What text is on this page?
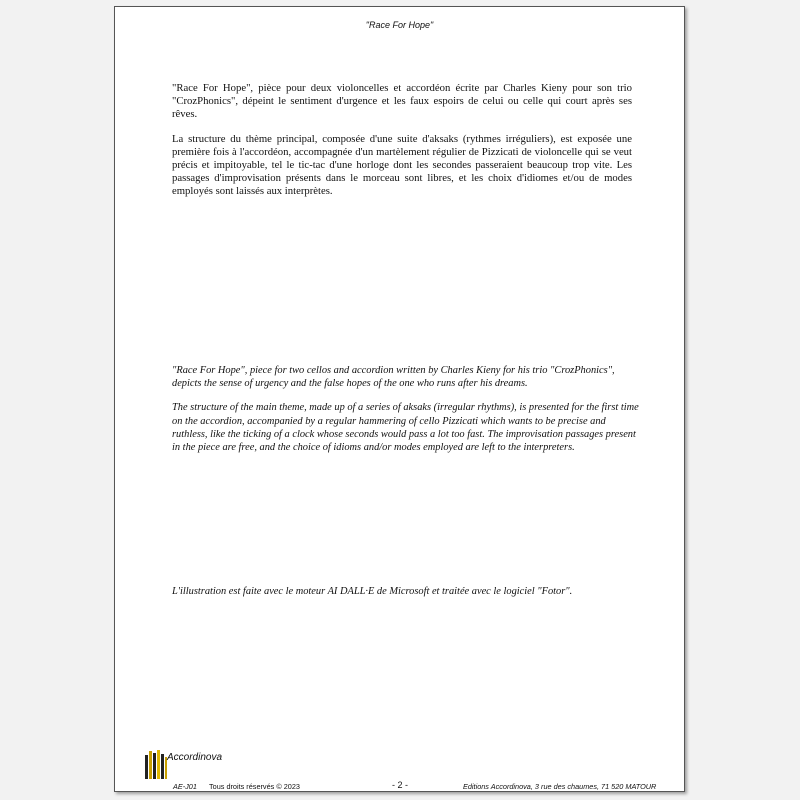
"Race For Hope"

"Race For Hope", pièce pour deux violoncelles et accordéon écrite par Charles Kieny pour son trio "CrozPhonics", dépeint le sentiment d'urgence et les faux espoirs de celui ou celle qui court après ses rêves.

La structure du thème principal, composée d'une suite d'aksaks (rythmes irréguliers), est exposée une première fois à l'accordéon, accompagnée d'un martèlement régulier de Pizzicati de violoncelle qui se veut précis et impitoyable, tel le tic-tac d'une horloge dont les secondes passeraient beaucoup trop vite. Les passages d'improvisation présents dans le morceau sont libres, et les choix d'idiomes et/ou de modes employés sont laissés aux interprètes.

"Race For Hope", piece for two cellos and accordion written by Charles Kieny for his trio "CrozPhonics", depicts the sense of urgency and the false hopes of the one who runs after his dreams.

The structure of the main theme, made up of a series of aksaks (irregular rhythms), is presented for the first time on the accordion, accompanied by a regular hammering of cello Pizzicati which wants to be precise and ruthless, like the ticking of a clock whose seconds would pass a lot too fast. The improvisation passages present in the piece are free, and the choice of idioms and/or modes employed are left to the interpreters.

L'illustration est faite avec le moteur AI DALL·E de Microsoft et traitée avec le logiciel "Fotor".

Accordinova
AE-J01 Tous droits réservés © 2023	- 2 -	Editions Accordinova, 3 rue des chaumes, 71 520 MATOUR
